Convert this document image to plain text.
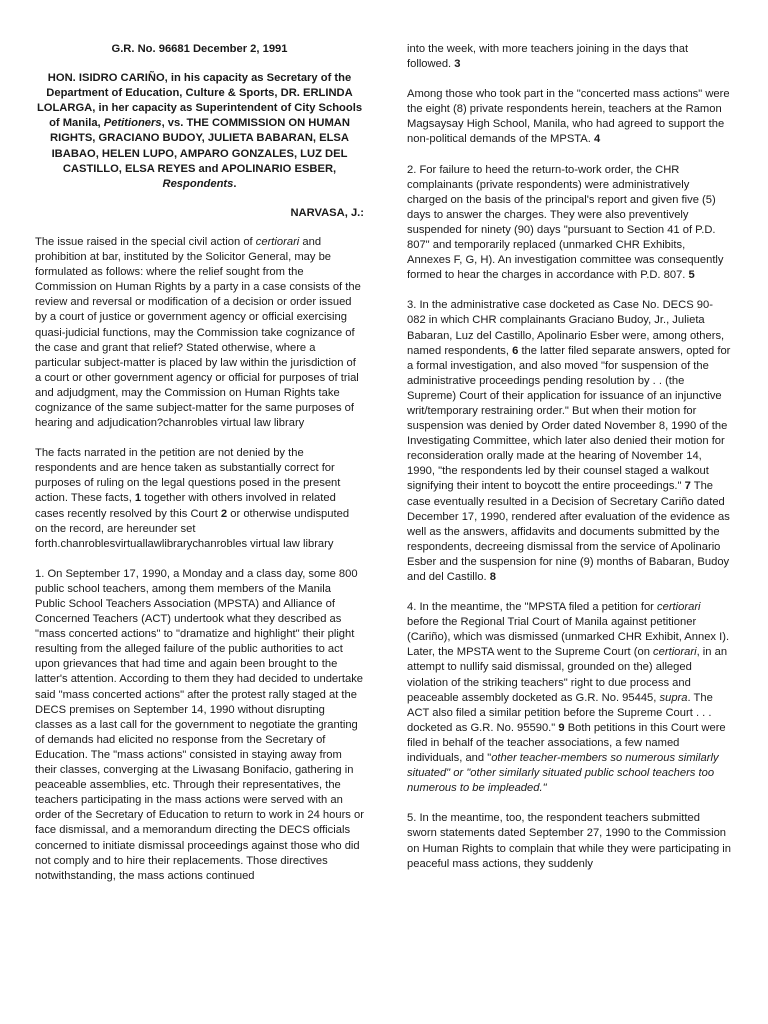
G.R. No. 96681 December 2, 1991

HON. ISIDRO CARIÑO, in his capacity as Secretary of the Department of Education, Culture & Sports, DR. ERLINDA LOLARGA, in her capacity as Superintendent of City Schools of Manila, Petitioners, vs. THE COMMISSION ON HUMAN RIGHTS, GRACIANO BUDOY, JULIETA BABARAN, ELSA IBABAO, HELEN LUPO, AMPARO GONZALES, LUZ DEL CASTILLO, ELSA REYES and APOLINARIO ESBER, Respondents.

NARVASA, J.:

The issue raised in the special civil action of certiorari and prohibition at bar, instituted by the Solicitor General, may be formulated as follows: where the relief sought from the Commission on Human Rights by a party in a case consists of the review and reversal or modification of a decision or order issued by a court of justice or government agency or official exercising quasi-judicial functions, may the Commission take cognizance of the case and grant that relief? Stated otherwise, where a particular subject-matter is placed by law within the jurisdiction of a court or other government agency or official for purposes of trial and adjudgment, may the Commission on Human Rights take cognizance of the same subject-matter for the same purposes of hearing and adjudication?chanrobles virtual law library

The facts narrated in the petition are not denied by the respondents and are hence taken as substantially correct for purposes of ruling on the legal questions posed in the present action. These facts, 1 together with others involved in related cases recently resolved by this Court 2 or otherwise undisputed on the record, are hereunder set forth.chanroblesvirtuallawlibrarychanrobles virtual law library

1. On September 17, 1990, a Monday and a class day, some 800 public school teachers, among them members of the Manila Public School Teachers Association (MPSTA) and Alliance of Concerned Teachers (ACT) undertook what they described as "mass concerted actions" to "dramatize and highlight" their plight resulting from the alleged failure of the public authorities to act upon grievances that had time and again been brought to the latter's attention. According to them they had decided to undertake said "mass concerted actions" after the protest rally staged at the DECS premises on September 14, 1990 without disrupting classes as a last call for the government to negotiate the granting of demands had elicited no response from the Secretary of Education. The "mass actions" consisted in staying away from their classes, converging at the Liwasang Bonifacio, gathering in peaceable assemblies, etc. Through their representatives, the teachers participating in the mass actions were served with an order of the Secretary of Education to return to work in 24 hours or face dismissal, and a memorandum directing the DECS officials concerned to initiate dismissal proceedings against those who did not comply and to hire their replacements. Those directives notwithstanding, the mass actions continued

into the week, with more teachers joining in the days that followed. 3

Among those who took part in the "concerted mass actions" were the eight (8) private respondents herein, teachers at the Ramon Magsaysay High School, Manila, who had agreed to support the non-political demands of the MPSTA. 4

2. For failure to heed the return-to-work order, the CHR complainants (private respondents) were administratively charged on the basis of the principal's report and given five (5) days to answer the charges. They were also preventively suspended for ninety (90) days "pursuant to Section 41 of P.D. 807" and temporarily replaced (unmarked CHR Exhibits, Annexes F, G, H). An investigation committee was consequently formed to hear the charges in accordance with P.D. 807. 5

3. In the administrative case docketed as Case No. DECS 90-082 in which CHR complainants Graciano Budoy, Jr., Julieta Babaran, Luz del Castillo, Apolinario Esber were, among others, named respondents, 6 the latter filed separate answers, opted for a formal investigation, and also moved "for suspension of the administrative proceedings pending resolution by . . (the Supreme) Court of their application for issuance of an injunctive writ/temporary restraining order." But when their motion for suspension was denied by Order dated November 8, 1990 of the Investigating Committee, which later also denied their motion for reconsideration orally made at the hearing of November 14, 1990, "the respondents led by their counsel staged a walkout signifying their intent to boycott the entire proceedings." 7 The case eventually resulted in a Decision of Secretary Cariño dated December 17, 1990, rendered after evaluation of the evidence as well as the answers, affidavits and documents submitted by the respondents, decreeing dismissal from the service of Apolinario Esber and the suspension for nine (9) months of Babaran, Budoy and del Castillo. 8

4. In the meantime, the "MPSTA filed a petition for certiorari before the Regional Trial Court of Manila against petitioner (Cariño), which was dismissed (unmarked CHR Exhibit, Annex I). Later, the MPSTA went to the Supreme Court (on certiorari, in an attempt to nullify said dismissal, grounded on the) alleged violation of the striking teachers" right to due process and peaceable assembly docketed as G.R. No. 95445, supra. The ACT also filed a similar petition before the Supreme Court . . . docketed as G.R. No. 95590." 9 Both petitions in this Court were filed in behalf of the teacher associations, a few named individuals, and "other teacher-members so numerous similarly situated" or "other similarly situated public school teachers too numerous to be impleaded."

5. In the meantime, too, the respondent teachers submitted sworn statements dated September 27, 1990 to the Commission on Human Rights to complain that while they were participating in peaceful mass actions, they suddenly
